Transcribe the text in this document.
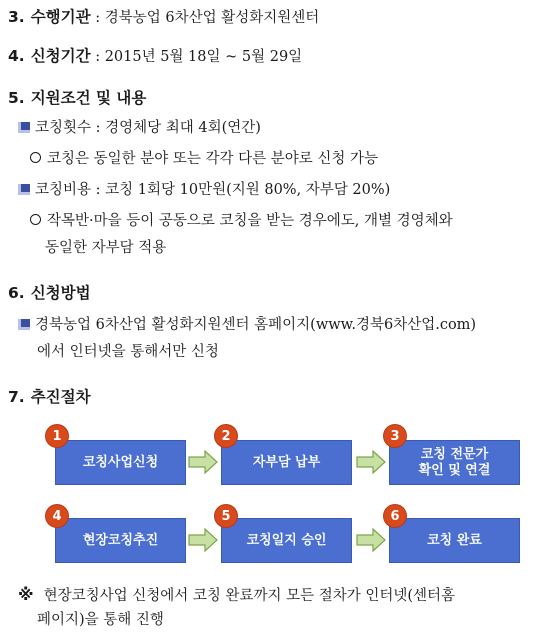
3. 수행기관 : 경북농업 6차산업 활성화지원센터
4. 신청기간 : 2015년 5월 18일 ~ 5월 29일
5. 지원조건 및 내용
코칭횟수 : 경영체당 최대 4회(연간)
코칭은 동일한 분야 또는 각각 다른 분야로 신청 가능
코칭비용 : 코칭 1회당 10만원(지원 80%, 자부담 20%)
작목반·마을 등이 공동으로 코칭을 받는 경우에도, 개별 경영체와
동일한 자부담 적용
6. 신청방법
경북농업 6차산업 활성화지원센터 홈페이지(www.경북6차산업.com)
에서 인터넷을 통해서만 신청
7. 추진절차
코칭사업신청
1
자부담 납부
2
코칭 전문가
확인 및 연결
3
현장코칭추진
4
코칭일지 승인
5
코칭 완료
6
※ 현장코칭사업 신청에서 코칭 완료까지 모든 절차가 인터넷(센터홈
페이지)을 통해 진행
